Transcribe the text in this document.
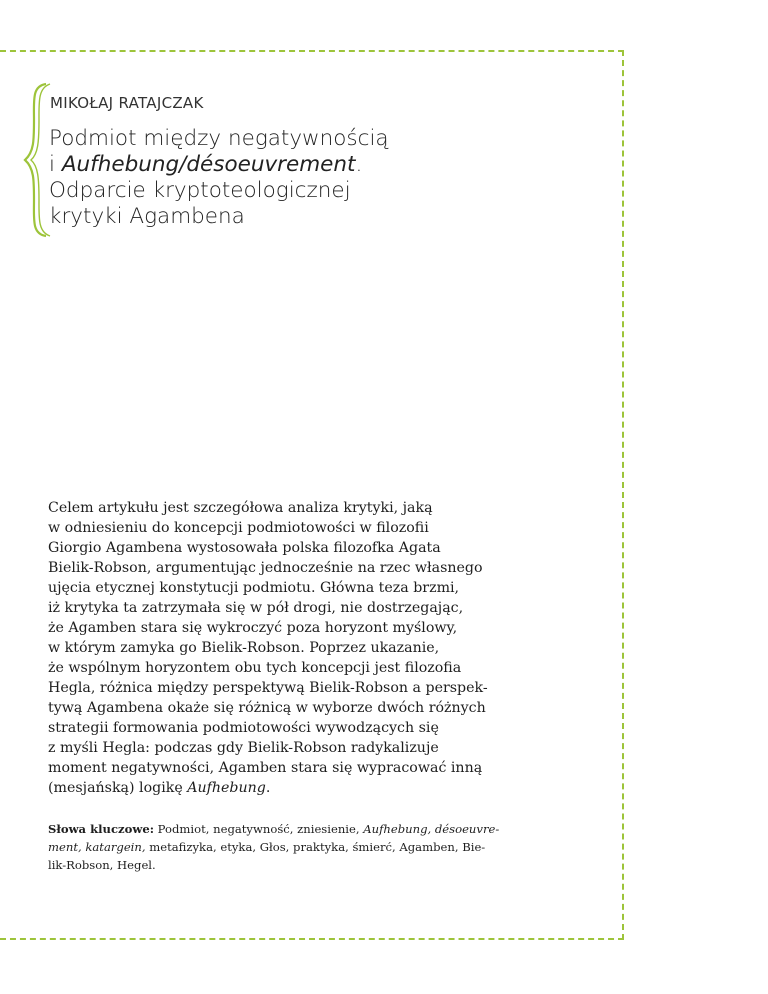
MIKOŁAJ RATAJCZAK
Podmiot między negatywnością
i Aufhebung/désoeuvrement.
Odparcie kryptoteologicznej
krytyki Agambena
Celem artykułu jest szczegółowa analiza krytyki, jaką
w odniesieniu do koncepcji podmiotowości w filozofii
Giorgio Agambena wystosowała polska filozofka Agata
Bielik-Robson, argumentując jednocześnie na rzec własnego
ujęcia etycznej konstytucji podmiotu. Główna teza brzmi,
iż krytyka ta zatrzymała się w pół drogi, nie dostrzegając,
że Agamben stara się wykroczyć poza horyzont myślowy,
w którym zamyka go Bielik-Robson. Poprzez ukazanie,
że wspólnym horyzontem obu tych koncepcji jest filozofia
Hegla, różnica między perspektywą Bielik-Robson a perspek-
tywą Agambena okaże się różnicą w wyborze dwóch różnych
strategii formowania podmiotowości wywodzących się
z myśli Hegla: podczas gdy Bielik-Robson radykalizuje
moment negatywności, Agamben stara się wypracować inną
(mesjańską) logikę Aufhebung.
Słowa kluczowe: Podmiot, negatywność, zniesienie, Aufhebung, désoeuvre-
ment, katargein, metafizyka, etyka, Głos, praktyka, śmierć, Agamben, Bie-
lik-Robson, Hegel.
